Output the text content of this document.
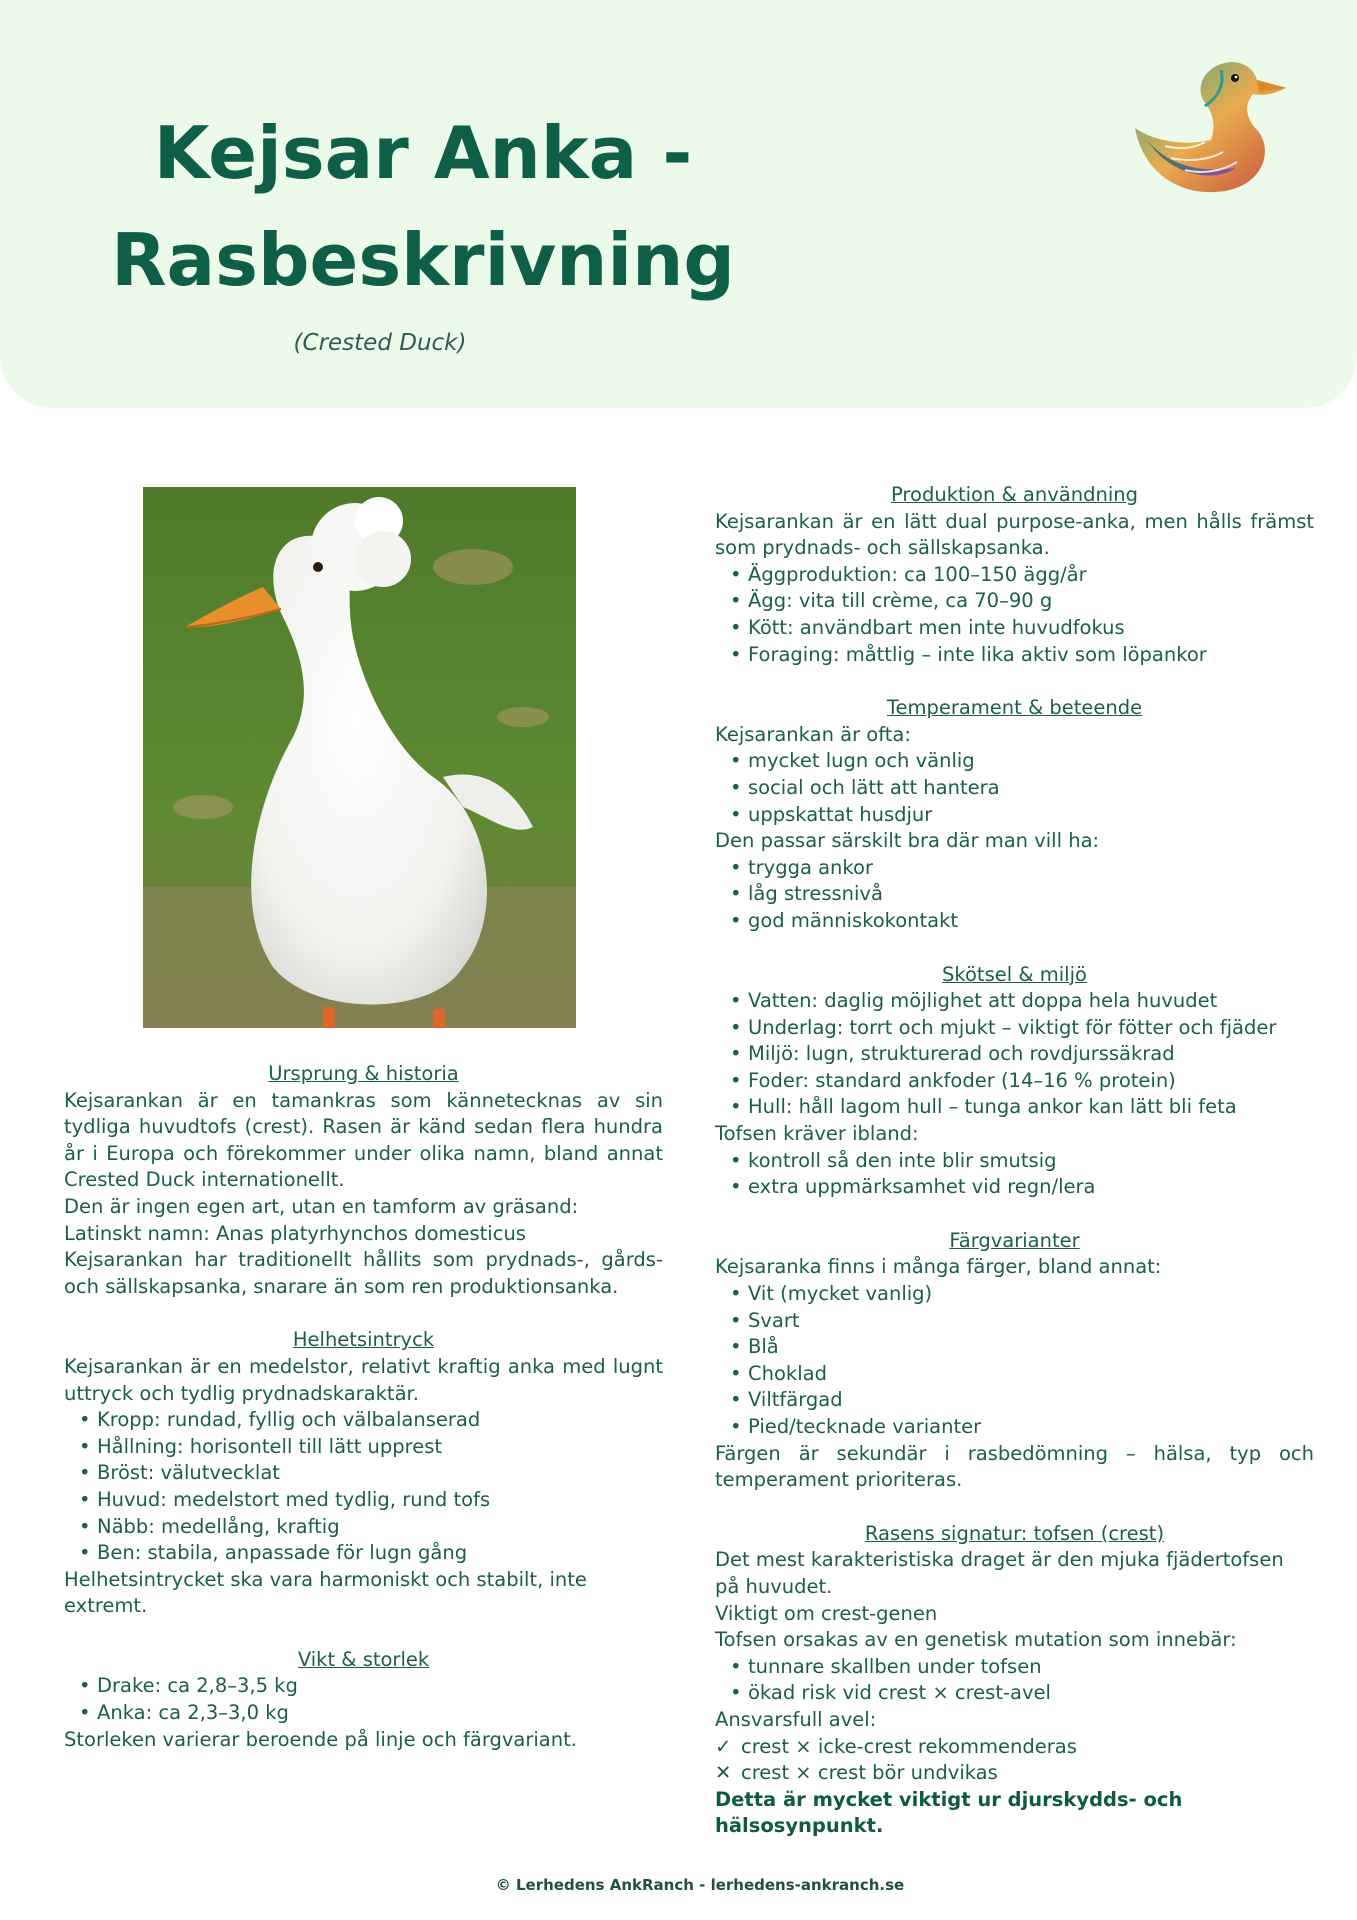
Kejsar Anka -
Rasbeskrivning
(Crested Duck)
Ursprung & historia

Kejsarankan är en tamankras som kännetecknas av sin tydliga huvudtofs (crest). Rasen är känd sedan flera hundra år i Europa och förekommer under olika namn, bland annat Crested Duck internationellt.

Den är ingen egen art, utan en tamform av gräsand:

Latinskt namn: Anas platyrhynchos domesticus

Kejsarankan har traditionellt hållits som prydnads-, gårds- och sällskapsanka, snarare än som ren produktionsanka.

Helhetsintryck

Kejsarankan är en medelstor, relativt kraftig anka med lugnt uttryck och tydlig prydnadskaraktär.

• Kropp: rundad, fyllig och välbalanserad
• Hållning: horisontell till lätt upprest
• Bröst: välutvecklat
• Huvud: medelstort med tydlig, rund tofs
• Näbb: medellång, kraftig
• Ben: stabila, anpassade för lugn gång

Helhetsintrycket ska vara harmoniskt och stabilt, inte extremt.

Vikt & storlek
• Drake: ca 2,8–3,5 kg
• Anka: ca 2,3–3,0 kg

Storleken varierar beroende på linje och färgvariant.

Produktion & användning

Kejsarankan är en lätt dual purpose-anka, men hålls främst som prydnads- och sällskapsanka.

• Äggproduktion: ca 100–150 ägg/år
• Ägg: vita till crème, ca 70–90 g
• Kött: användbart men inte huvudfokus
• Foraging: måttlig – inte lika aktiv som löpankor
Temperament & beteende

Kejsarankan är ofta:

• mycket lugn och vänlig
• social och lätt att hantera
• uppskattat husdjur

Den passar särskilt bra där man vill ha:

• trygga ankor
• låg stressnivå
• god människokontakt
Skötsel & miljö
• Vatten: daglig möjlighet att doppa hela huvudet
• Underlag: torrt och mjukt – viktigt för fötter och fjäder
• Miljö: lugn, strukturerad och rovdjurssäkrad
• Foder: standard ankfoder (14–16 % protein)
• Hull: håll lagom hull – tunga ankor kan lätt bli feta

Tofsen kräver ibland:

• kontroll så den inte blir smutsig
• extra uppmärksamhet vid regn/lera
Färgvarianter

Kejsaranka finns i många färger, bland annat:

• Vit (mycket vanlig)
• Svart
• Blå
• Choklad
• Viltfärgad
• Pied/tecknade varianter

Färgen är sekundär i rasbedömning – hälsa, typ och temperament prioriteras.

Rasens signatur: tofsen (crest)

Det mest karakteristiska draget är den mjuka fjädertofsen på huvudet.

Viktigt om crest-genen

Tofsen orsakas av en genetisk mutation som innebär:

• tunnare skallben under tofsen
• ökad risk vid crest × crest-avel

Ansvarsfull avel:

✓ crest × icke-crest rekommenderas

✕ crest × crest bör undvikas

Detta är mycket viktigt ur djurskydds- och hälsosynpunkt.

© Lerhedens AnkRanch - lerhedens-ankranch.se
